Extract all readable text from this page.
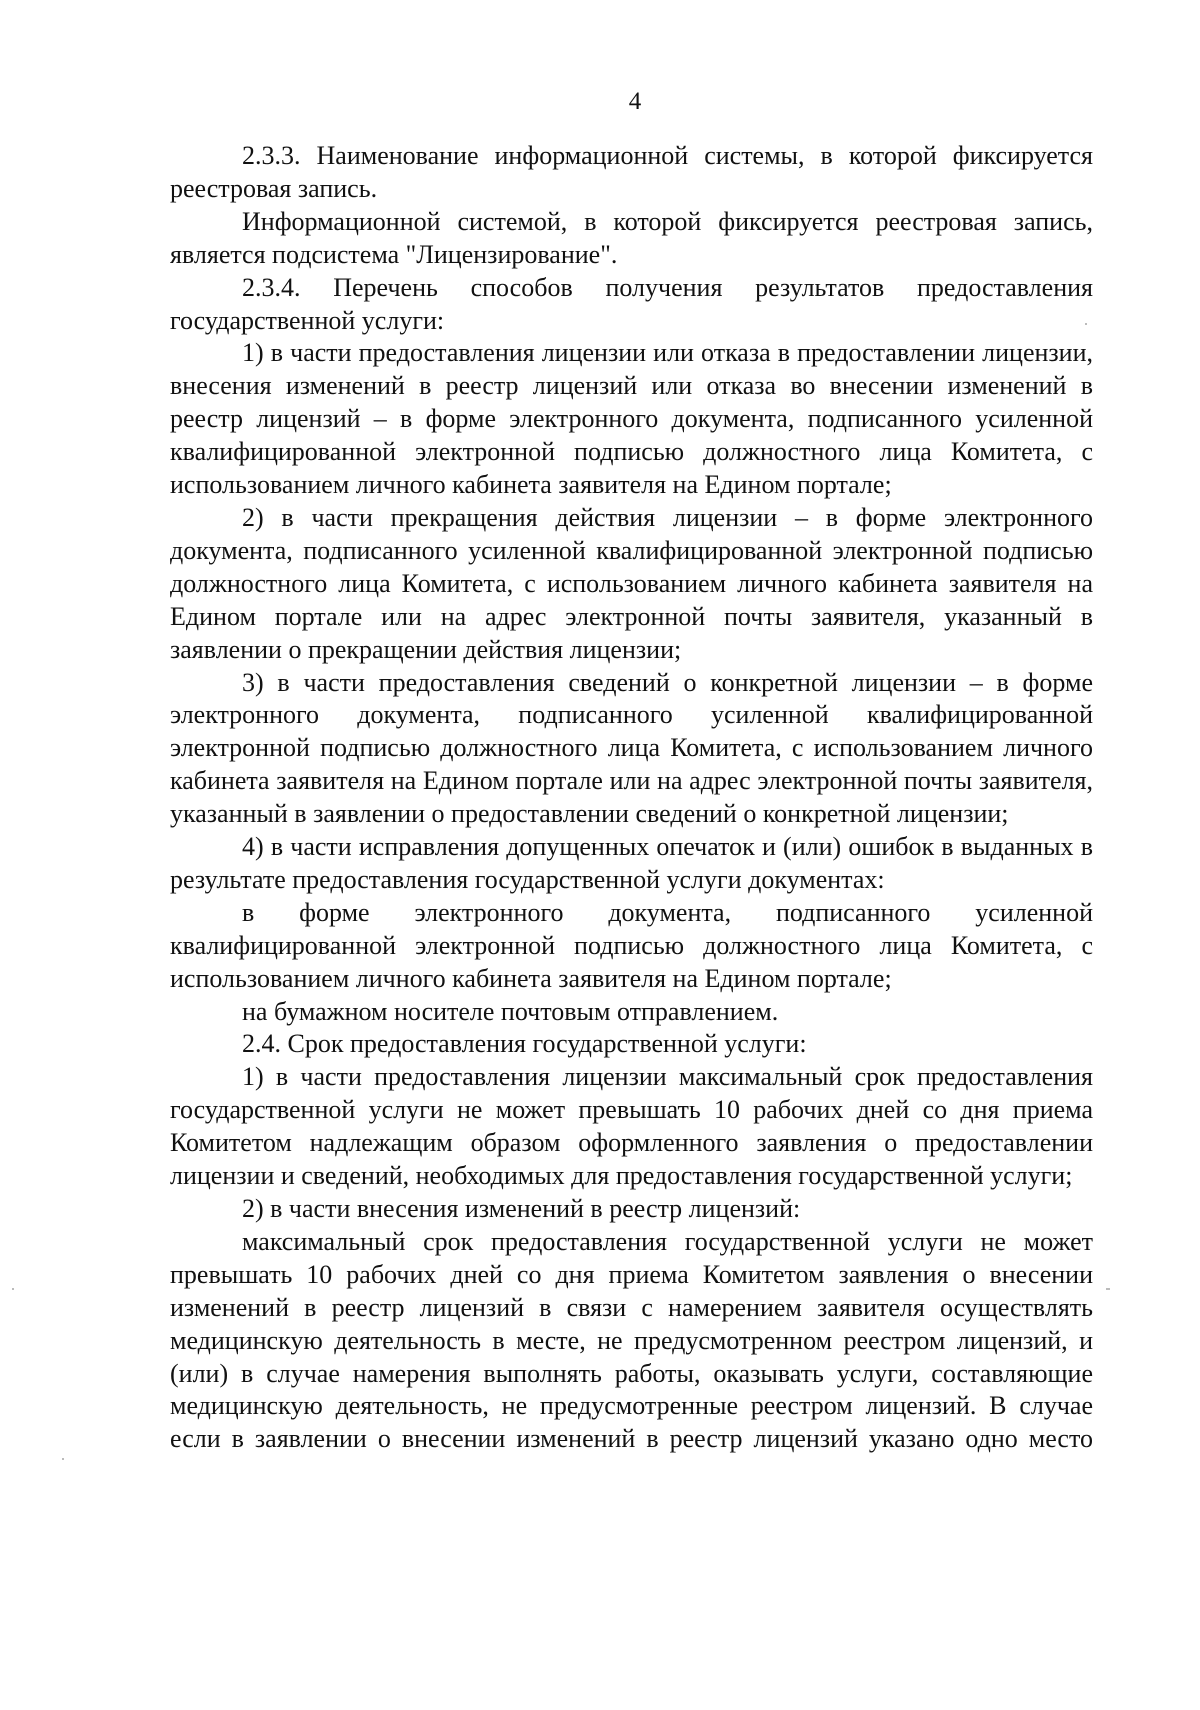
4

2.3.3. Наименование информационной системы, в которой фиксируется реестровая запись.

Информационной системой, в которой фиксируется реестровая запись, является подсистема "Лицензирование".

2.3.4. Перечень способов получения результатов предоставления государственной услуги:

1) в части предоставления лицензии или отказа в предоставлении лицензии, внесения изменений в реестр лицензий или отказа во внесении изменений в реестр лицензий – в форме электронного документа, подписанного усиленной квалифицированной электронной подписью должностного лица Комитета, с использованием личного кабинета заявителя на Едином портале;

2) в части прекращения действия лицензии – в форме электронного документа, подписанного усиленной квалифицированной электронной подписью должностного лица Комитета, с использованием личного кабинета заявителя на Едином портале или на адрес электронной почты заявителя, указанный в заявлении о прекращении действия лицензии;

3) в части предоставления сведений о конкретной лицензии – в форме электронного документа, подписанного усиленной квалифицированной электронной подписью должностного лица Комитета, с использованием личного кабинета заявителя на Едином портале или на адрес электронной почты заявителя, указанный в заявлении о предоставлении сведений о конкретной лицензии;

4) в части исправления допущенных опечаток и (или) ошибок в выданных в результате предоставления государственной услуги документах:

в форме электронного документа, подписанного усиленной квалифицированной электронной подписью должностного лица Комитета, с использованием личного кабинета заявителя на Едином портале;

на бумажном носителе почтовым отправлением.

2.4. Срок предоставления государственной услуги:

1) в части предоставления лицензии максимальный срок предоставления государственной услуги не может превышать 10 рабочих дней со дня приема Комитетом надлежащим образом оформленного заявления о предоставлении лицензии и сведений, необходимых для предоставления государственной услуги;

2) в части внесения изменений в реестр лицензий:

максимальный срок предоставления государственной услуги не может превышать 10 рабочих дней со дня приема Комитетом заявления о внесении изменений в реестр лицензий в связи с намерением заявителя осуществлять медицинскую деятельность в месте, не предусмотренном реестром лицензий, и (или) в случае намерения выполнять работы, оказывать услуги, составляющие медицинскую деятельность, не предусмотренные реестром лицензий. В случае если в заявлении о внесении изменений в реестр лицензий указано одно место
